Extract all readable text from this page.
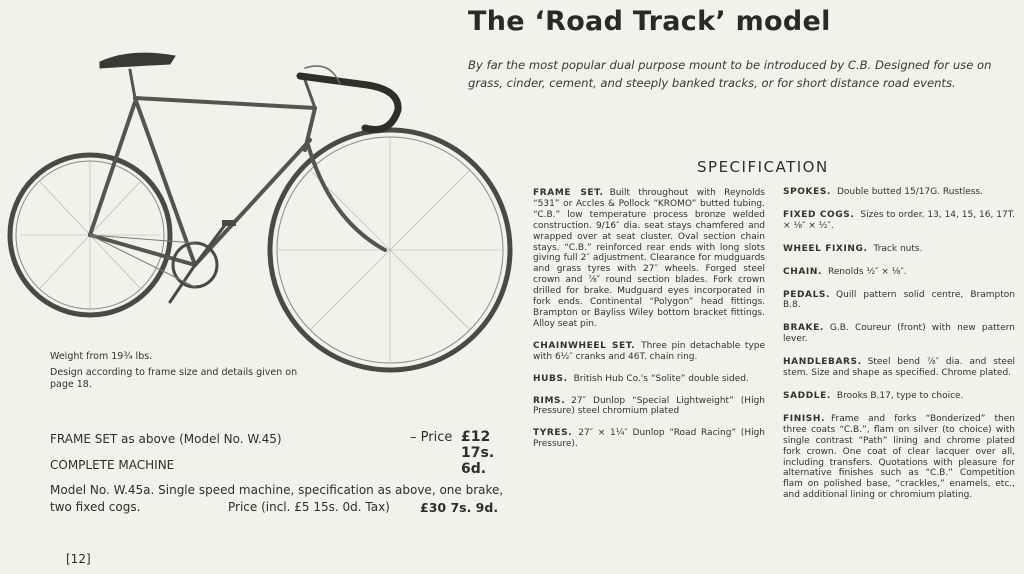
The ‘Road Track’ model
By far the most popular dual purpose mount to be introduced by C.B. Designed for use on grass, cinder, cement, and steeply banked tracks, or for short distance road events.
SPECIFICATION

FRAME SET. Built throughout with Reynolds “531” or Accles & Pollock “KROMO” butted tubing. “C.B.” low temperature process bronze welded construction. 9/16″ dia. seat stays chamfered and wrapped over at seat cluster. Oval section chain stays. “C.B.” reinforced rear ends with long slots giving full 2″ adjustment. Clearance for mudguards and grass tyres with 27″ wheels. Forged steel crown and ⅞″ round section blades. Fork crown drilled for brake. Mudguard eyes incorporated in fork ends. Continental “Polygon” head fittings. Brampton or Bayliss Wiley bottom bracket fittings. Alloy seat pin.

CHAINWHEEL SET. Three pin detachable type with 6½″ cranks and 46T. chain ring.

HUBS. British Hub Co.'s “Solite” double sided.

RIMS. 27″ Dunlop “Special Lightweight” (High Pressure) steel chromium plated

TYRES. 27″ × 1¼″ Dunlop “Road Racing” (High Pressure).

SPOKES. Double butted 15/17G. Rustless.

FIXED COGS. Sizes to order. 13, 14, 15, 16, 17T. × ⅛″ × ½″.

WHEEL FIXING. Track nuts.

CHAIN. Renolds ½″ × ⅛″.

PEDALS. Quill pattern solid centre, Brampton B.8.

BRAKE. G.B. Coureur (front) with new pattern lever.

HANDLEBARS. Steel bend ⅞″ dia. and steel stem. Size and shape as specified. Chrome plated.

SADDLE. Brooks B.17, type to choice.

FINISH. Frame and forks “Bonderized” then three coats “C.B.”, flam on silver (to choice) with single contrast “Path” lining and chrome plated fork crown. One coat of clear lacquer over all, including transfers. Quotations with pleasure for alternative finishes such as “C.B.” Competition flam on polished base, “crackles,” enamels, etc., and additional lining or chromium plating.

Weight from 19¾ lbs.

Design according to frame size and details given on page 18.

FRAME SET as above (Model No. W.45)	– Price £12 17s. 6d.
COMPLETE MACHINE
Model No. W.45a. Single speed machine, specification as above, one brake, two fixed cogs.	Price (incl. £5 15s. 0d. Tax) £30 7s. 9d.
[12]
